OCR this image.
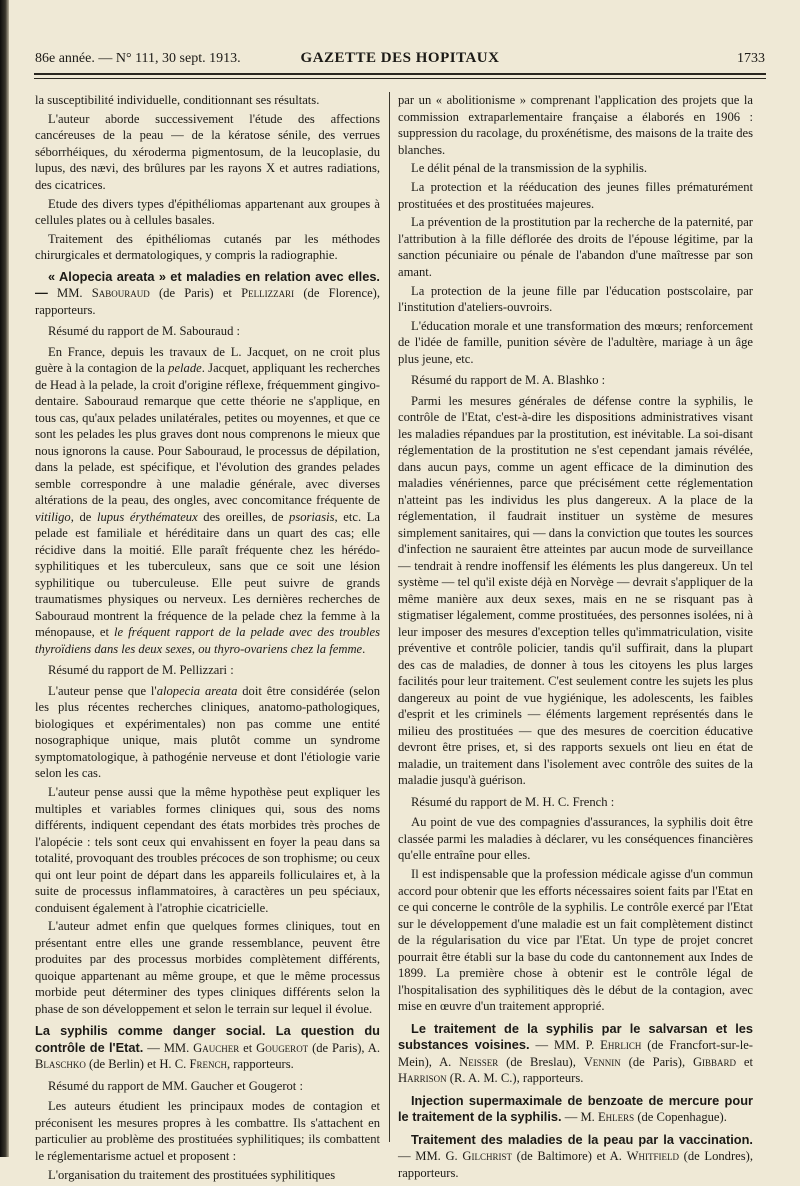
86e année. — N° 111, 30 sept. 1913.	GAZETTE DES HOPITAUX	1733

la susceptibilité individuelle, conditionnant ses résultats.

L'auteur aborde successivement l'étude des affections cancéreuses de la peau — de la kératose sénile, des verrues séborrhéiques, du xéroderma pigmentosum, de la leucoplasie, du lupus, des nævi, des brûlures par les rayons X et autres radiations, des cicatrices.

Etude des divers types d'épithéliomas appartenant aux groupes à cellules plates ou à cellules basales.

Traitement des épithéliomas cutanés par les méthodes chirurgicales et dermatologiques, y compris la radiographie.

« Alopecia areata » et maladies en relation avec elles. — MM. Sabouraud (de Paris) et Pellizzari (de Florence), rapporteurs.

Résumé du rapport de M. Sabouraud :

En France, depuis les travaux de L. Jacquet, on ne croit plus guère à la contagion de la pelade. Jacquet, appliquant les recherches de Head à la pelade, la croit d'origine réflexe, fréquemment gingivo-dentaire. Sabouraud remarque que cette théorie ne s'applique, en tous cas, qu'aux pelades unilatérales, petites ou moyennes, et que ce sont les pelades les plus graves dont nous comprenons le mieux que nous ignorons la cause. Pour Sabouraud, le processus de dépilation, dans la pelade, est spécifique, et l'évolution des grandes pelades semble correspondre à une maladie générale, avec diverses altérations de la peau, des ongles, avec concomitance fréquente de vitiligo, de lupus érythémateux des oreilles, de psoriasis, etc. La pelade est familiale et héréditaire dans un quart des cas; elle récidive dans la moitié. Elle paraît fréquente chez les hérédo-syphilitiques et les tuberculeux, sans que ce soit une lésion syphilitique ou tuberculeuse. Elle peut suivre de grands traumatismes physiques ou nerveux. Les dernières recherches de Sabouraud montrent la fréquence de la pelade chez la femme à la ménopause, et le fréquent rapport de la pelade avec des troubles thyroïdiens dans les deux sexes, ou thyro-ovariens chez la femme.

Résumé du rapport de M. Pellizzari :

L'auteur pense que l'alopecia areata doit être considérée (selon les plus récentes recherches cliniques, anatomo-pathologiques, biologiques et expérimentales) non pas comme une entité nosographique unique, mais plutôt comme un syndrome symptomatologique, à pathogénie nerveuse et dont l'étiologie varie selon les cas.

L'auteur pense aussi que la même hypothèse peut expliquer les multiples et variables formes cliniques qui, sous des noms différents, indiquent cependant des états morbides très proches de l'alopécie : tels sont ceux qui envahissent en foyer la peau dans sa totalité, provoquant des troubles précoces de son trophisme; ou ceux qui ont leur point de départ dans les appareils folliculaires et, à la suite de processus inflammatoires, à caractères un peu spéciaux, conduisent également à l'atrophie cicatricielle.

L'auteur admet enfin que quelques formes cliniques, tout en présentant entre elles une grande ressemblance, peuvent être produites par des processus morbides complètement différents, quoique appartenant au même groupe, et que le même processus morbide peut déterminer des types cliniques différents selon la phase de son développement et selon le terrain sur lequel il évolue.

La syphilis comme danger social. La question du contrôle de l'Etat. — MM. Gaucher et Gougerot (de Paris), A. Blaschko (de Berlin) et H. C. French, rapporteurs.

Résumé du rapport de MM. Gaucher et Gougerot :

Les auteurs étudient les principaux modes de contagion et préconisent les mesures propres à les combattre. Ils s'attachent en particulier au problème des prostituées syphilitiques; ils combattent le réglementarisme actuel et proposent :

L'organisation du traitement des prostituées syphilitiques

par un « abolitionisme » comprenant l'application des projets que la commission extraparlementaire française a élaborés en 1906 : suppression du racolage, du proxénétisme, des maisons de la traite des blanches.

Le délit pénal de la transmission de la syphilis.

La protection et la rééducation des jeunes filles prématurément prostituées et des prostituées majeures.

La prévention de la prostitution par la recherche de la paternité, par l'attribution à la fille déflorée des droits de l'épouse légitime, par la sanction pécuniaire ou pénale de l'abandon d'une maîtresse par son amant.

La protection de la jeune fille par l'éducation postscolaire, par l'institution d'ateliers-ouvroirs.

L'éducation morale et une transformation des mœurs; renforcement de l'idée de famille, punition sévère de l'adultère, mariage à un âge plus jeune, etc.

Résumé du rapport de M. A. Blashko :

Parmi les mesures générales de défense contre la syphilis, le contrôle de l'Etat, c'est-à-dire les dispositions administratives visant les maladies répandues par la prostitution, est inévitable. La soi-disant réglementation de la prostitution ne s'est cependant jamais révélée, dans aucun pays, comme un agent efficace de la diminution des maladies vénériennes, parce que précisément cette réglementation n'atteint pas les individus les plus dangereux. A la place de la réglementation, il faudrait instituer un système de mesures simplement sanitaires, qui — dans la conviction que toutes les sources d'infection ne sauraient être atteintes par aucun mode de surveillance — tendrait à rendre inoffensif les éléments les plus dangereux. Un tel système — tel qu'il existe déjà en Norvège — devrait s'appliquer de la même manière aux deux sexes, mais en ne se risquant pas à stigmatiser légalement, comme prostituées, des personnes isolées, ni à leur imposer des mesures d'exception telles qu'immatriculation, visite préventive et contrôle policier, tandis qu'il suffirait, dans la plupart des cas de maladies, de donner à tous les citoyens les plus larges facilités pour leur traitement. C'est seulement contre les sujets les plus dangereux au point de vue hygiénique, les adolescents, les faibles d'esprit et les criminels — éléments largement représentés dans le milieu des prostituées — que des mesures de coercition éducative devront être prises, et, si des rapports sexuels ont lieu en état de maladie, un traitement dans l'isolement avec contrôle des suites de la maladie jusqu'à guérison.

Résumé du rapport de M. H. C. French :

Au point de vue des compagnies d'assurances, la syphilis doit être classée parmi les maladies à déclarer, vu les conséquences financières qu'elle entraîne pour elles.

Il est indispensable que la profession médicale agisse d'un commun accord pour obtenir que les efforts nécessaires soient faits par l'Etat en ce qui concerne le contrôle de la syphilis. Le contrôle exercé par l'Etat sur le développement d'une maladie est un fait complètement distinct de la régularisation du vice par l'Etat. Un type de projet concret pourrait être établi sur la base du code du cantonnement aux Indes de 1899. La première chose à obtenir est le contrôle légal de l'hospitalisation des syphilitiques dès le début de la contagion, avec mise en œuvre d'un traitement approprié.

Le traitement de la syphilis par le salvarsan et les substances voisines. — MM. P. Ehrlich (de Francfort-sur-le-Mein), A. Neisser (de Breslau), Vennin (de Paris), Gibbard et Harrison (R. A. M. C.), rapporteurs.

Injection supermaximale de benzoate de mercure pour le traitement de la syphilis. — M. Ehlers (de Copenhague).

Traitement des maladies de la peau par la vaccination. — MM. G. Gilchrist (de Baltimore) et A. Whitfield (de Londres), rapporteurs.
